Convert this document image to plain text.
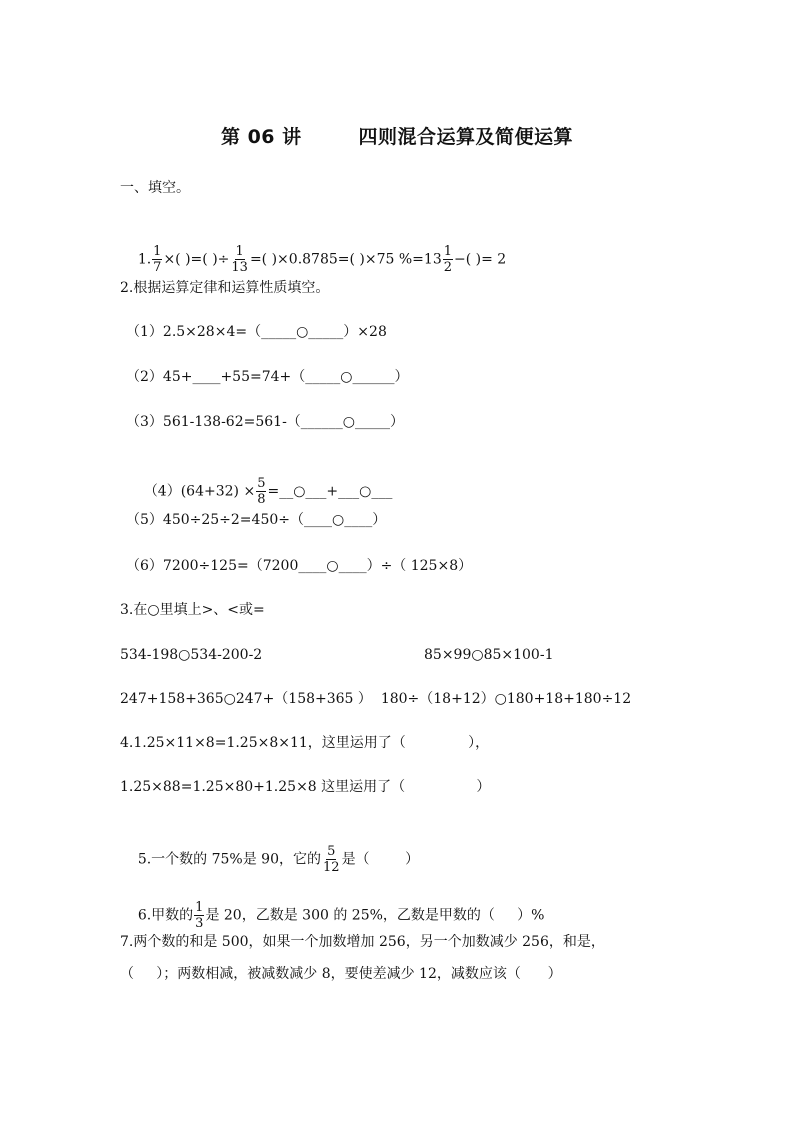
第 06 讲        四则混合运算及简便运算
一、填空。

1. $\frac{1}{7}$ ×( )=( )÷ $\frac{1}{13}$ =( )×0.8785=( )×75 $\%=13 \frac{1}{2}$ −( )= 2

2.根据运算定律和运算性质填空。
（1）2.5×28×4=（_____○_____）×28
（2）45+____+55=74+（_____○______）
（3）561-138-62=561-（______○_____）

$(4)(64+32) \times \frac{5}{8}$ =__○___+___○___

（5）450÷25÷2=450÷（____○____）
（6）7200÷125=（7200____○____）÷（ 125×8）
3.在○里填上>、<或=
534-198○534-200-2	85×99○85×100-1
247+158+365○247+（158+365 ）  180÷（18+12）○180+18+180÷12
4.1.25×11×8=1.25×8×11，这里运用了（              ），
1.25×88=1.25×80+1.25×8 这里运用了（                ）

5.一个数的 75%是 90，它的 $\frac{5}{12}$ 是（        ）

6.甲数的 $\frac{1}{3}$ 是 20，乙数是 300 的 25%，乙数是甲数的（     ）%

7.两个数的和是 500，如果一个加数增加 256，另一个加数减少 256，和是，
（     ）；两数相减，被减数减少 8，要使差减少 12，减数应该（      ）
